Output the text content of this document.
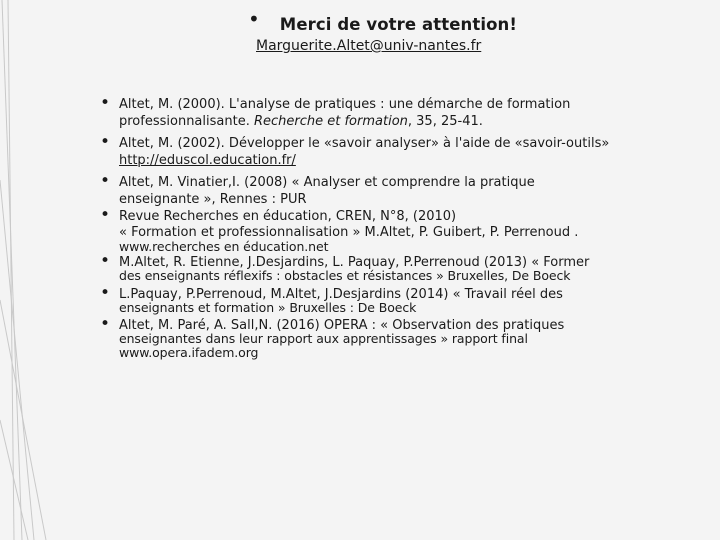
• Merci de votre attention!
Marguerite.Altet@univ-nantes.fr
• Altet, M. (2000). L'analyse de pratiques : une démarche de formation
professionnalisante. Recherche et formation, 35, 25-41.
• Altet, M. (2002). Développer le «savoir analyser» à l'aide de «savoir-outils»
http://eduscol.education.fr/
• Altet, M. Vinatier,I. (2008) « Analyser et comprendre la pratique
enseignante », Rennes : PUR
• Revue Recherches en éducation, CREN, N°8, (2010)
« Formation et professionnalisation » M.Altet, P. Guibert, P. Perrenoud .
www.recherches en éducation.net
• M.Altet, R. Etienne, J.Desjardins, L. Paquay, P.Perrenoud (2013) « Former
des enseignants réflexifs : obstacles et résistances » Bruxelles, De Boeck
• L.Paquay, P.Perrenoud, M.Altet, J.Desjardins (2014) « Travail réel des
enseignants et formation » Bruxelles : De Boeck
• Altet, M. Paré, A. Sall,N. (2016) OPERA : « Observation des pratiques
enseignantes dans leur rapport aux apprentissages » rapport final
www.opera.ifadem.org
